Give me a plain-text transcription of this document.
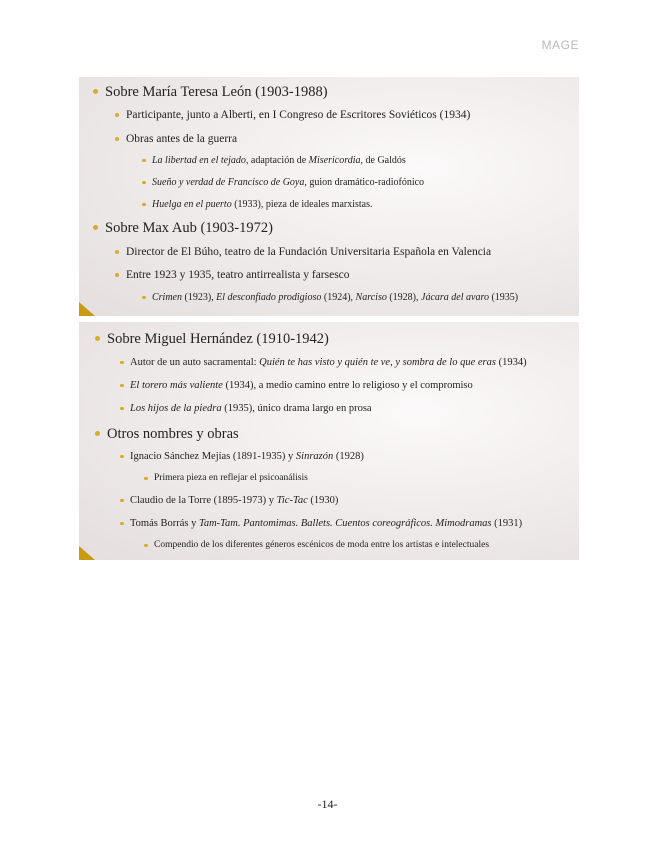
MAGE
Sobre María Teresa León (1903-1988)
Participante, junto a Alberti, en I Congreso de Escritores Soviéticos (1934)
Obras antes de la guerra
La libertad en el tejado, adaptación de Misericordia, de Galdós
Sueño y verdad de Francisco de Goya, guion dramático-radiofónico
Huelga en el puerto (1933), pieza de ideales marxistas.
Sobre Max Aub (1903-1972)
Director de El Búho, teatro de la Fundación Universitaria Española en Valencia
Entre 1923 y 1935, teatro antirrealista y farsesco
Crimen (1923), El desconfiado prodigioso (1924), Narciso (1928), Jácara del avaro (1935)
Sobre Miguel Hernández (1910-1942)
Autor de un auto sacramental: Quién te has visto y quién te ve, y sombra de lo que eras (1934)
El torero más valiente (1934), a medio camino entre lo religioso y el compromiso
Los hijos de la piedra (1935), único drama largo en prosa
Otros nombres y obras
Ignacio Sánchez Mejías (1891-1935) y Sinrazón (1928)
Primera pieza en reflejar el psicoanálisis
Claudio de la Torre (1895-1973) y Tic-Tac (1930)
Tomás Borrás y Tam-Tam. Pantomimas. Ballets. Cuentos coreográficos. Mimodramas (1931)
Compendio de los diferentes géneros escénicos de moda entre los artistas e intelectuales
-14-
